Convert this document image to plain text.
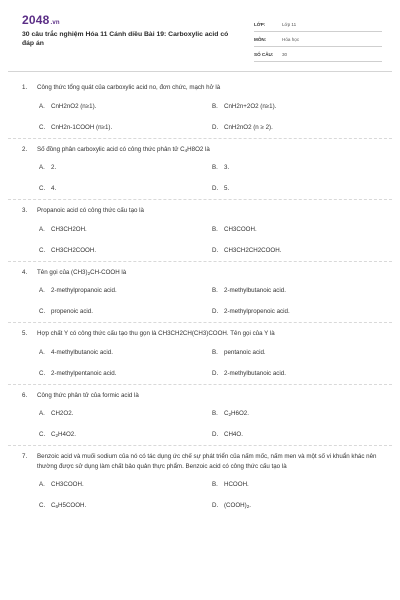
2048.vn
30 câu trắc nghiệm Hóa 11 Cánh diều Bài 19: Carboxylic acid có đáp án
LỚP:	Lớp 11
MÔN:	Hóa học
SỐ CÂU:	30
1.	Công thức tổng quát của carboxylic acid no, đơn chức, mạch hở là
A. CnH2nO2 (n≥1).	B. CnH2n+2O2 (n≥1).
C. CnH2n-1COOH (n≥1).	D. CnH2nO2 (n ≥ 2).
2.	Số đồng phân carboxylic acid có công thức phân tử $C_4H8O2$ là
A. 2.	B. 3.
C. 4.	D. 5.
3.	Propanoic acid có công thức cấu tạo là
A. CH3CH2OH.	B. CH3COOH.
C. CH3CH2COOH.	D. CH3CH2CH2COOH.
4.	Tên gọi của $(CH3)_2CH$-COOH là
A. 2-methylpropanoic acid.	B. 2-methylbutanoic acid.
C. propenoic acid.	D. 2-methylpropenoic acid.
5.	Hợp chất Y có công thức cấu tạo thu gọn là CH3CH2CH(CH3)COOH. Tên gọi của Y là
A. 4-methylbutanoic acid.	B. pentanoic acid.
C. 2-methylpentanoic acid.	D. 2-methylbutanoic acid.
6.	Công thức phân tử của formic acid là
A. CH2O2.	B. $C_2H6O2$.
C. $C_2H4O2$.	D. CH4O.
7.	Benzoic acid và muối sodium của nó có tác dụng ức chế sự phát triển của nấm mốc, nấm men và một số vi khuẩn khác nên thường được sử dụng làm chất bảo quản thực phẩm. Benzoic acid có công thức cấu tạo là
A. CH3COOH.	B. HCOOH.
C. $C_6H5COOH$.	D. $(COOH)_2$.
